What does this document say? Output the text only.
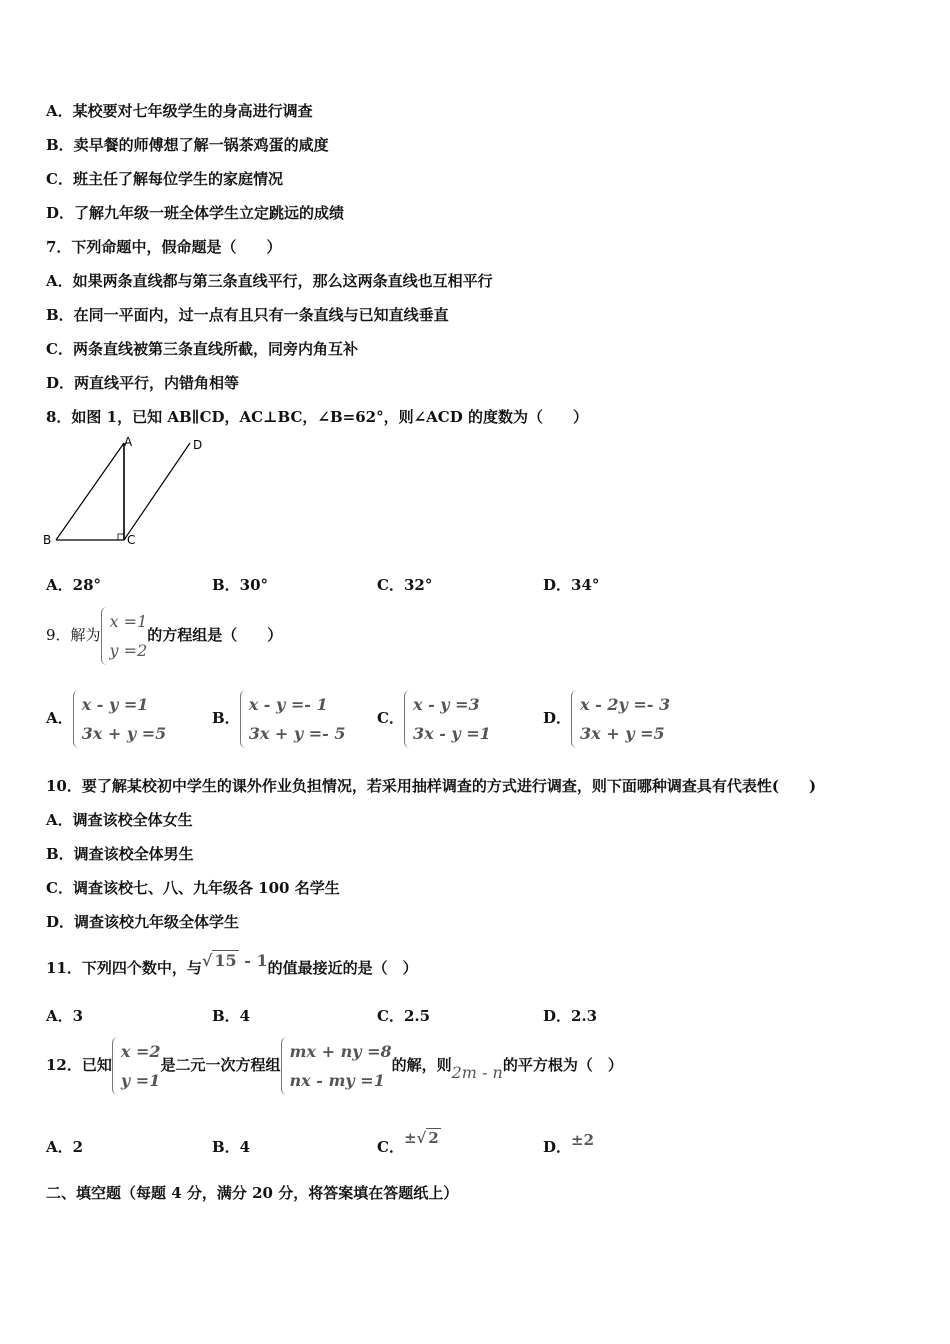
A．某校要对七年级学生的身高进行调查
B．卖早餐的师傅想了解一锅茶鸡蛋的咸度
C．班主任了解每位学生的家庭情况
D．了解九年级一班全体学生立定跳远的成绩
7．下列命题中，假命题是（　　）
A．如果两条直线都与第三条直线平行，那么这两条直线也互相平行
B．在同一平面内，过一点有且只有一条直线与已知直线垂直
C．两条直线被第三条直线所截，同旁内角互补
D．两直线平行，内错角相等
8．如图 1，已知 AB∥CD，AC⊥BC，∠B=62°，则∠ACD 的度数为（　　）
A
B	C
D
A．28°	B．30°	C．32°	D．34°
9．解为
x =1
y =2
的方程组是（　　）
A．
x - y =1
3x + y =5
B．
x - y =- 1
3x + y =- 5
C．
x - y =3
3x - y =1
D．
x - 2y =- 3
3x + y =5
10．要了解某校初中学生的课外作业负担情况，若采用抽样调查的方式进行调查，则下面哪种调查具有代表性(　　)
A．调查该校全体女生
B．调查该校全体男生
C．调查该校七、八、九年级各 100 名学生
D．调查该校九年级全体学生
11．下列四个数中，与√ 15 - 1的值最接近的是（　）
A．3	B．4	C．2.5	D．2.3
12．已知
x =2
y =1
是二元一次方程组
mx + ny =8
nx - my =1
的解，则2m - n的平方根为（　）
A．2	B．4	C．±√ 2	D．±2
二、填空题（每题 4 分，满分 20 分，将答案填在答题纸上）
